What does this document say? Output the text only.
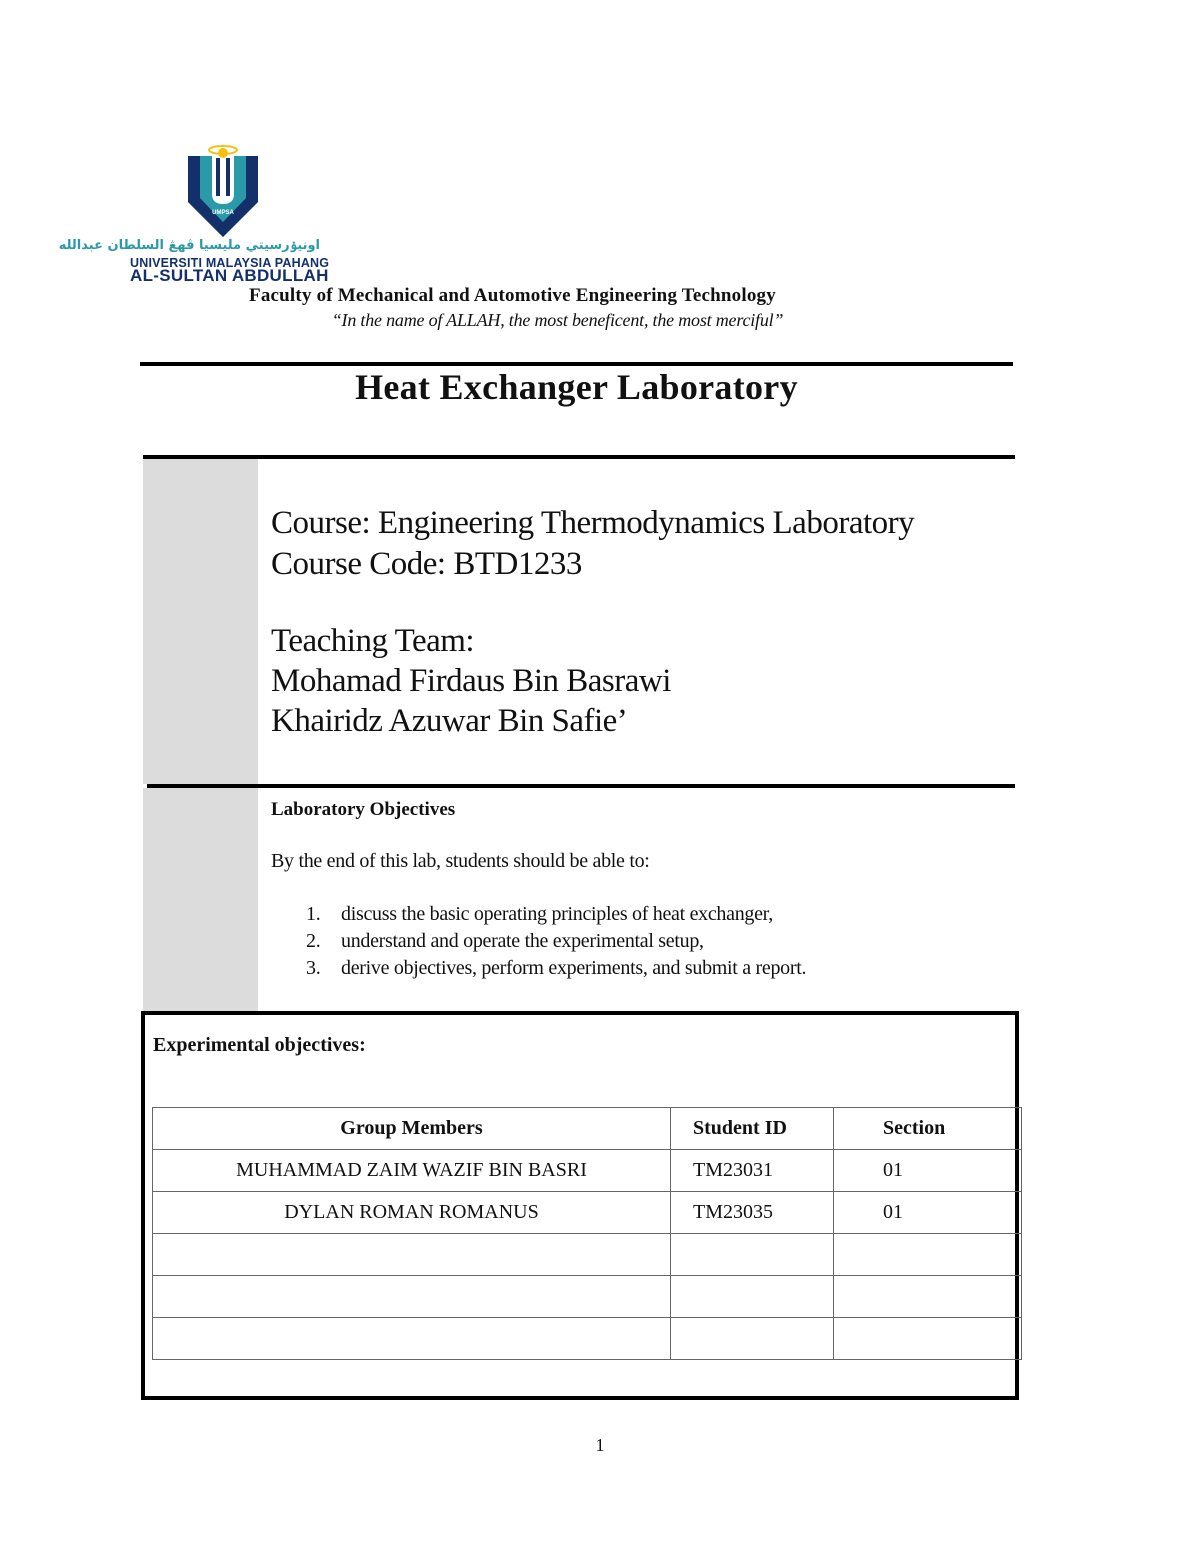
UMPSA
اونيۏرسيتي مليسيا ڤهڠ السلطان عبدالله
UNIVERSITI MALAYSIA PAHANG
AL-SULTAN ABDULLAH
Faculty of Mechanical and Automotive Engineering Technology
“In the name of ALLAH, the most beneficent, the most merciful”
Heat Exchanger Laboratory
Course: Engineering Thermodynamics Laboratory
Course Code: BTD1233
Teaching Team:
Mohamad Firdaus Bin Basrawi
Khairidz Azuwar Bin Safie’
Laboratory Objectives
By the end of this lab, students should be able to:
1. discuss the basic operating principles of heat exchanger,
2. understand and operate the experimental setup,
3. derive objectives, perform experiments, and submit a report.
Experimental objectives:
Group Members	Student ID	Section
MUHAMMAD ZAIM WAZIF BIN BASRI	TM23031	01
DYLAN ROMAN ROMANUS	TM23035	01

1
